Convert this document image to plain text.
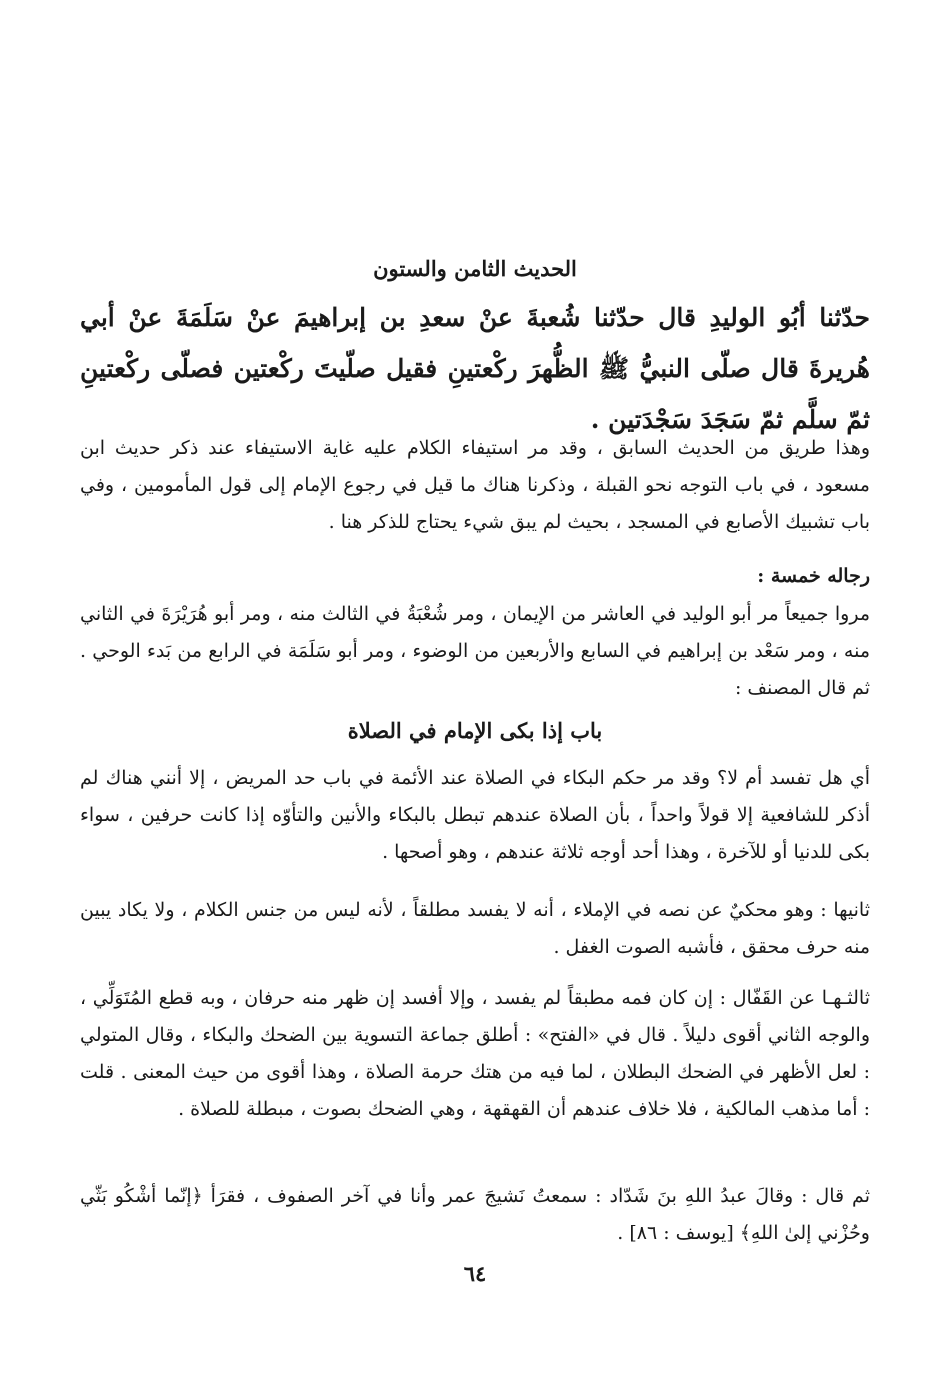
الحديث الثامن والستون

حدّثنا أبُو الوليدِ قال حدّثنا شُعبةَ عنْ سعدِ بن إبراهيمَ عنْ سَلَمَةَ عنْ أبي هُريرةَ قال صلّى النبيُّ ﷺ الظُّهرَ ركْعتينِ فقيل صلّيتَ ركْعتين فصلّى ركْعتينِ ثمّ سلَّم ثمّ سَجَدَ سَجْدَتين .

وهذا طريق من الحديث السابق ، وقد مر استيفاء الكلام عليه غاية الاستيفاء عند ذكر حديث ابن مسعود ، في باب التوجه نحو القبلة ، وذكرنا هناك ما قيل في رجوع الإمام إلى قول المأمومين ، وفي باب تشبيك الأصابع في المسجد ، بحيث لم يبق شيء يحتاج للذكر هنا .

رجاله خمسة :

مروا جميعاً مر أبو الوليد في العاشر من الإيمان ، ومر شُعْبَةُ في الثالث منه ، ومر أبو هُرَيْرَةَ في الثاني منه ، ومر سَعْد بن إبراهيم في السابع والأربعين من الوضوء ، ومر أبو سَلَمَة في الرابع من بَدء الوحي . ثم قال المصنف :

باب إذا بكى الإمام في الصلاة

أي هل تفسد أم لا؟ وقد مر حكم البكاء في الصلاة عند الأئمة في باب حد المريض ، إلا أنني هناك لم أذكر للشافعية إلا قولاً واحداً ، بأن الصلاة عندهم تبطل بالبكاء والأنين والتأوّه إذا كانت حرفين ، سواء بكى للدنيا أو للآخرة ، وهذا أحد أوجه ثلاثة عندهم ، وهو أصحها .

ثانيها : وهو محكيٌ عن نصه في الإملاء ، أنه لا يفسد مطلقاً ، لأنه ليس من جنس الكلام ، ولا يكاد يبين منه حرف محقق ، فأشبه الصوت الغفل .

ثالثـهـا عن القَفّال : إن كان فمه مطبقاً لم يفسد ، وإلا أفسد إن ظهر منه حرفان ، وبه قطع المُتَوَلِّي ، والوجه الثاني أقوى دليلاً . قال في «الفتح» : أطلق جماعة التسوية بين الضحك والبكاء ، وقال المتولي : لعل الأظهر في الضحك البطلان ، لما فيه من هتك حرمة الصلاة ، وهذا أقوى من حيث المعنى . قلت : أما مذهب المالكية ، فلا خلاف عندهم أن القهقهة ، وهي الضحك بصوت ، مبطلة للصلاة .

ثم قال : وقالَ عبدُ اللهِ بنَ شَدّاد : سمعتُ نَشيجَ عمر وأنا في آخر الصفوف ، فقرَأ ﴿إنّما أشْكُو بَثّي وحُزْني إلىٰ اللهِ﴾ [يوسف : ٨٦] .

٦٤
